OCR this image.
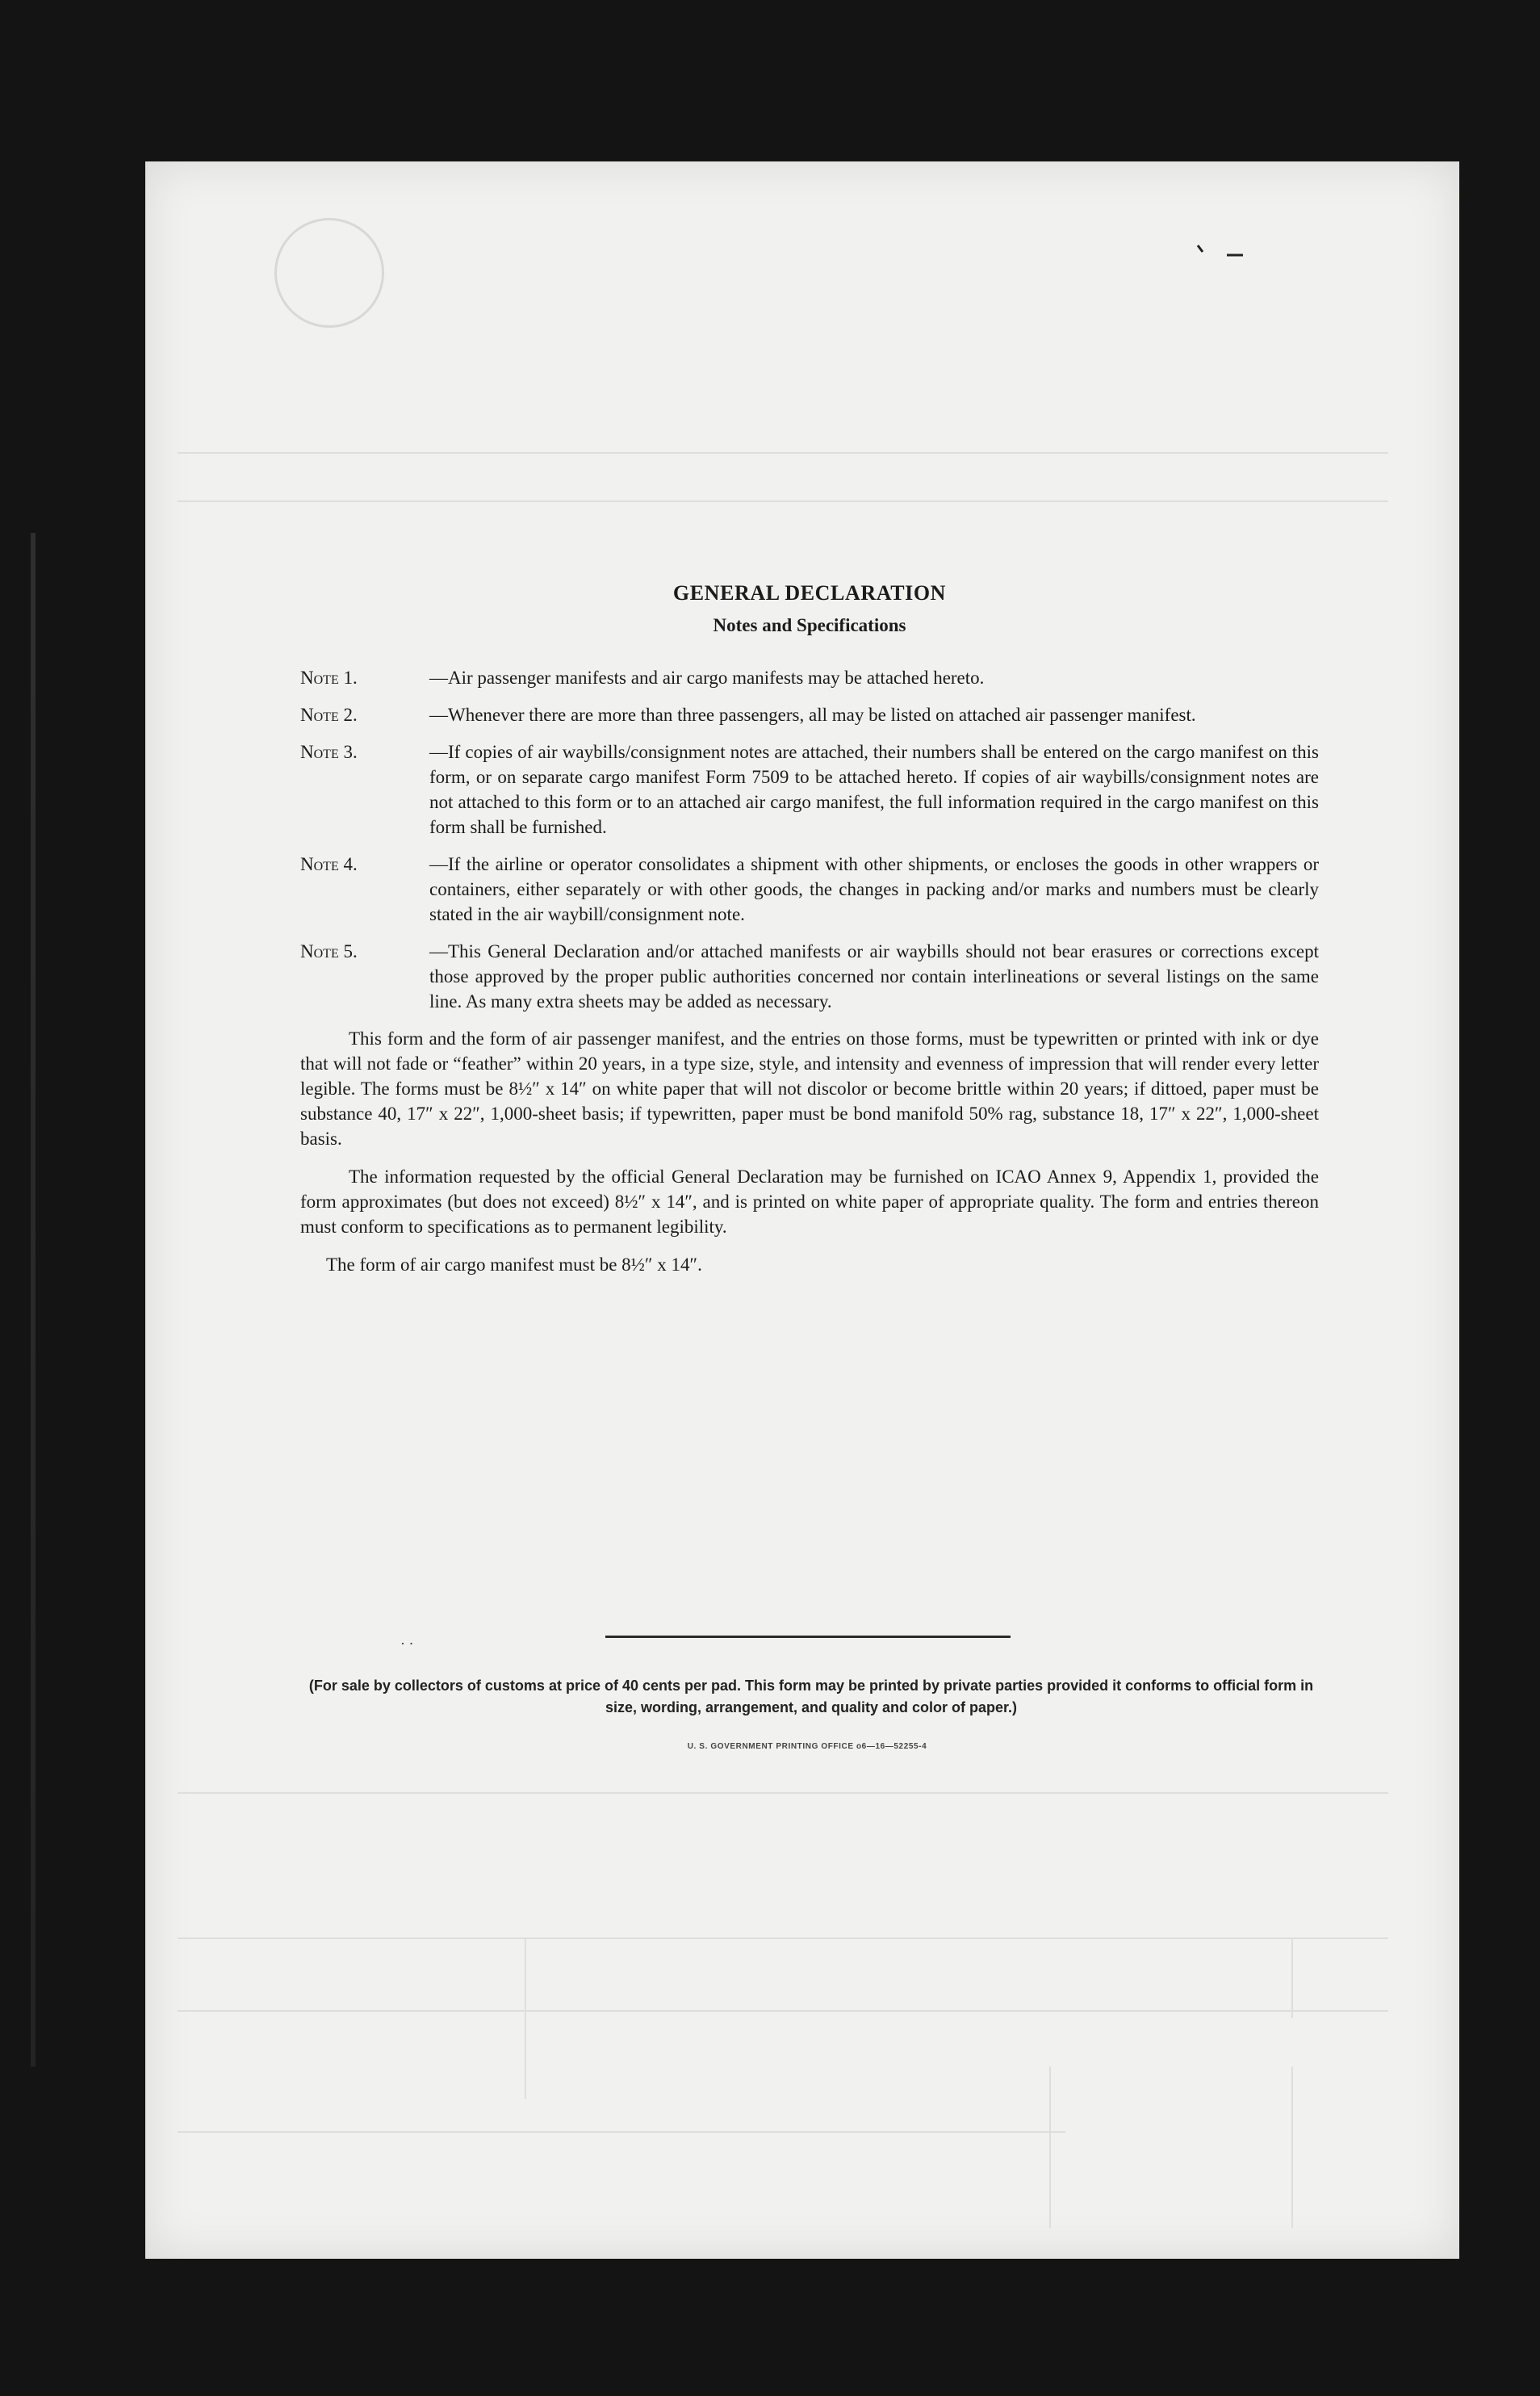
GENERAL DECLARATION
Notes and Specifications
Note 1.	—Air passenger manifests and air cargo manifests may be attached hereto.
Note 2.	—Whenever there are more than three passengers, all may be listed on attached air passenger manifest.
Note 3.	—If copies of air waybills/consignment notes are attached, their numbers shall be entered on the cargo manifest on this form, or on separate cargo manifest Form 7509 to be attached hereto. If copies of air waybills/consignment notes are not attached to this form or to an attached air cargo manifest, the full information required in the cargo manifest on this form shall be furnished.
Note 4.	—If the airline or operator consolidates a shipment with other shipments, or encloses the goods in other wrappers or containers, either separately or with other goods, the changes in packing and/or marks and numbers must be clearly stated in the air waybill/consignment note.
Note 5.	—This General Declaration and/or attached manifests or air waybills should not bear erasures or corrections except those approved by the proper public authorities concerned nor contain interlineations or several listings on the same line. As many extra sheets may be added as necessary.

This form and the form of air passenger manifest, and the entries on those forms, must be typewritten or printed with ink or dye that will not fade or “feather” within 20 years, in a type size, style, and intensity and evenness of impression that will render every letter legible. The forms must be 8½″ x 14″ on white paper that will not discolor or become brittle within 20 years; if dittoed, paper must be substance 40, 17″ x 22″, 1,000-sheet basis; if typewritten, paper must be bond manifold 50% rag, substance 18, 17″ x 22″, 1,000-sheet basis.

The information requested by the official General Declaration may be furnished on ICAO Annex 9, Appendix 1, provided the form approximates (but does not exceed) 8½″ x 14″, and is printed on white paper of appropriate quality. The form and entries thereon must conform to specifications as to permanent legibility.

The form of air cargo manifest must be 8½″ x 14″.

· ·
(For sale by collectors of customs at price of 40 cents per pad. This form may be printed by private parties provided it conforms to official form in size, wording, arrangement, and quality and color of paper.)
U. S. GOVERNMENT PRINTING OFFICE o6—16—52255-4
